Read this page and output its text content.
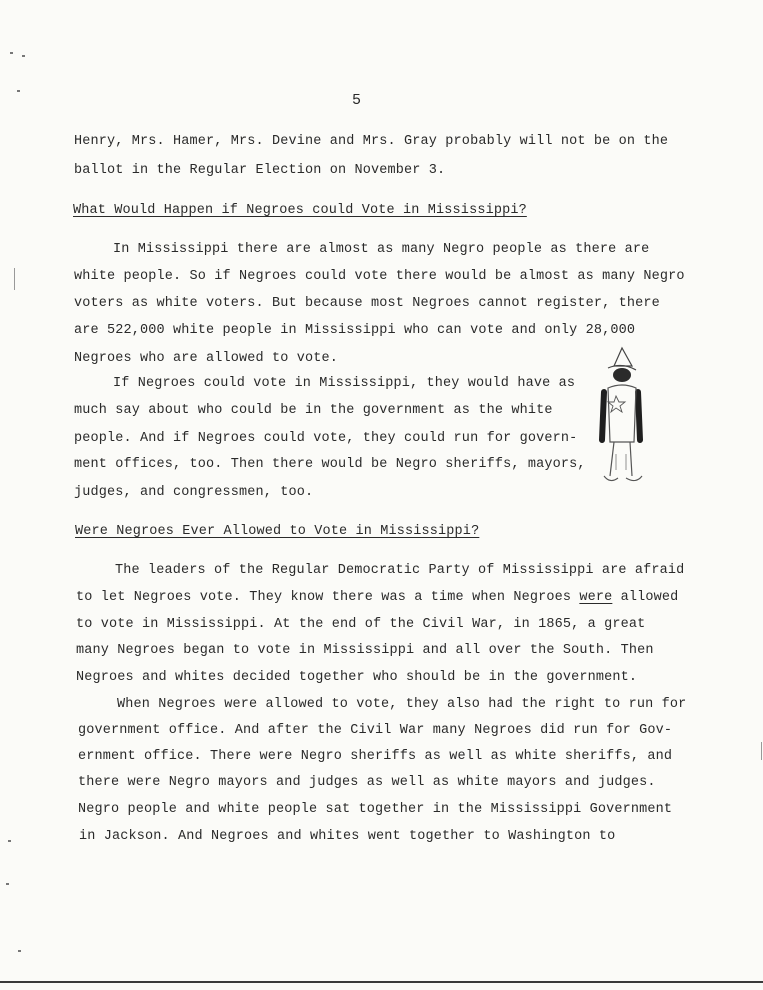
5
Henry, Mrs. Hamer, Mrs. Devine and Mrs. Gray probably will not be on the
ballot in the Regular Election on November 3.
What Would Happen if Negroes could Vote in Mississippi?
In Mississippi there are almost as many Negro people as there are
white people. So if Negroes could vote there would be almost as many Negro
voters as white voters. But because most Negroes cannot register, there
are 522,000 white people in Mississippi who can vote and only 28,000
Negroes who are allowed to vote.
If Negroes could vote in Mississippi, they would have as
much say about who could be in the government as the white
people. And if Negroes could vote, they could run for govern-
ment offices, too. Then there would be Negro sheriffs, mayors,
judges, and congressmen, too.
Were Negroes Ever Allowed to Vote in Mississippi?
The leaders of the Regular Democratic Party of Mississippi are afraid
to let Negroes vote. They know there was a time when Negroes were allowed
to vote in Mississippi. At the end of the Civil War, in 1865, a great
many Negroes began to vote in Mississippi and all over the South. Then
Negroes and whites decided together who should be in the government.
When Negroes were allowed to vote, they also had the right to run for
government office. And after the Civil War many Negroes did run for Gov-
ernment office. There were Negro sheriffs as well as white sheriffs, and
there were Negro mayors and judges as well as white mayors and judges.
Negro people and white people sat together in the Mississippi Government
in Jackson. And Negroes and whites went together to Washington to
